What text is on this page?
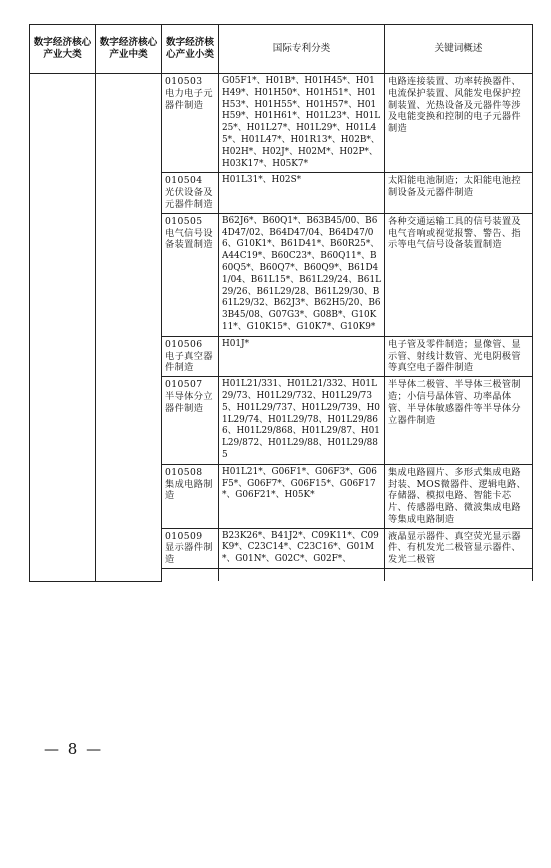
数字经济核心产业大类	数字经济核心产业中类	数字经济核心产业小类	国际专利分类	关键词概述
		010503 电力电子元器件制造	G05F1*、H01B*、H01H45*、H01H49*、H01H50*、H01H51*、H01H53*、H01H55*、H01H57*、H01H59*、H01H61*、H01L23*、H01L25*、H01L27*、H01L29*、H01L45*、H01L47*、H01R13*、H02B*、H02H*、H02J*、H02M*、H02P*、H03K17*、H05K7*	电路连接装置、功率转换器件、电流保护装置、风能发电保护控制装置、光热设备及元器件等涉及电能变换和控制的电子元器件制造
		010504 光伏设备及元器件制造	H01L31*、H02S*	太阳能电池制造；太阳能电池控制设备及元器件制造
		010505 电气信号设备装置制造	B62J6*、B60Q1*、B63B45/00、B64D47/02、B64D47/04、B64D47/06、G10K1*、B61D41*、B60R25*、A44C19*、B60C23*、B60Q11*、B60Q5*、B60Q7*、B60Q9*、B61D41/04、B61L15*、B61L29/24、B61L29/26、B61L29/28、B61L29/30、B61L29/32、B62J3*、B62H5/20、B63B45/08、G07G3*、G08B*、G10K11*、G10K15*、G10K7*、G10K9*	各种交通运输工具的信号装置及电气音响或视觉报警、警告、指示等电气信号设备装置制造
		010506 电子真空器件制造	H01J*	电子管及零件制造；显像管、显示管、射线计数管、光电阴极管等真空电子器件制造
		010507 半导体分立器件制造	H01L21/331、H01L21/332、H01L29/73、H01L29/732、H01L29/735、H01L29/737、H01L29/739、H01L29/74、H01L29/78、H01L29/866、H01L29/868、H01L29/87、H01L29/872、H01L29/88、H01L29/885	半导体二极管、半导体三极管制造；小信号晶体管、功率晶体管、半导体敏感器件等半导体分立器件制造
		010508 集成电路制造	H01L21*、G06F1*、G06F3*、G06F5*、G06F7*、G06F15*、G06F17*、G06F21*、H05K*	集成电路圆片、多形式集成电路封装、MOS微器件、逻辑电路、存储器、模拟电路、智能卡芯片、传感器电路、微波集成电路等集成电路制造
		010509 显示器件制造	B23K26*、B41J2*、C09K11*、C09K9*、C23C14*、C23C16*、G01M*、G01N*、G02C*、G02F*、	液晶显示器件、真空荧光显示器件、有机发光二极管显示器件、发光二极管

— 8 —
